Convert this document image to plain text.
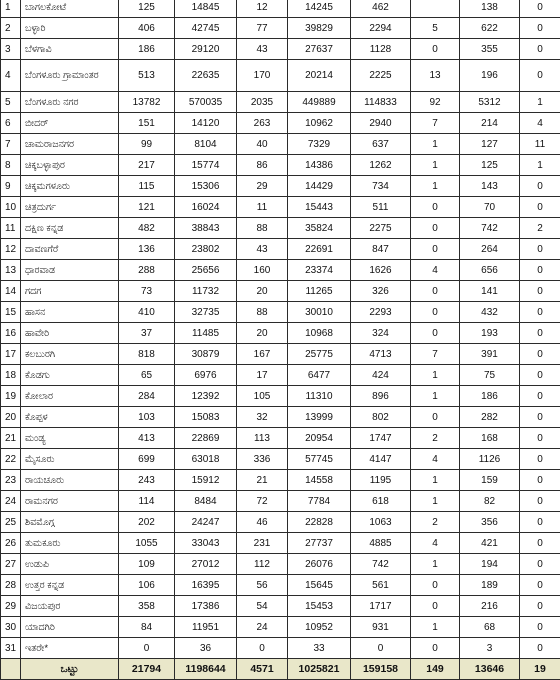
1	ಬಾಗಲಕೋಟೆ	125	14845	12	14245	462		138	0
2	ಬಳ್ಳಾರಿ	406	42745	77	39829	2294	5	622	0
3	ಬೆಳಗಾವಿ	186	29120	43	27637	1128	0	355	0
4	ಬೆಂಗಳೂರು ಗ್ರಾಮಾಂತರ	513	22635	170	20214	2225	13	196	0
5	ಬೆಂಗಳೂರು ನಗರ	13782	570035	2035	449889	114833	92	5312	1
6	ಬೀದರ್	151	14120	263	10962	2940	7	214	4
7	ಚಾಮರಾಜನಗರ	99	8104	40	7329	637	1	127	11
8	ಚಿಕ್ಕಬಳ್ಳಾಪುರ	217	15774	86	14386	1262	1	125	1
9	ಚಿಕ್ಕಮಗಳೂರು	115	15306	29	14429	734	1	143	0
10	ಚಿತ್ರದುರ್ಗ	121	16024	11	15443	511	0	70	0
11	ದಕ್ಷಿಣ ಕನ್ನಡ	482	38843	88	35824	2275	0	742	2
12	ದಾವಣಗೆರೆ	136	23802	43	22691	847	0	264	0
13	ಧಾರವಾಡ	288	25656	160	23374	1626	4	656	0
14	ಗದಗ	73	11732	20	11265	326	0	141	0
15	ಹಾಸನ	410	32735	88	30010	2293	0	432	0
16	ಹಾವೇರಿ	37	11485	20	10968	324	0	193	0
17	ಕಲಬುರಗಿ	818	30879	167	25775	4713	7	391	0
18	ಕೊಡಗು	65	6976	17	6477	424	1	75	0
19	ಕೋಲಾರ	284	12392	105	11310	896	1	186	0
20	ಕೊಪ್ಪಳ	103	15083	32	13999	802	0	282	0
21	ಮಂಡ್ಯ	413	22869	113	20954	1747	2	168	0
22	ಮೈಸೂರು	699	63018	336	57745	4147	4	1126	0
23	ರಾಯಚೂರು	243	15912	21	14558	1195	1	159	0
24	ರಾಮನಗರ	114	8484	72	7784	618	1	82	0
25	ಶಿವಮೊಗ್ಗ	202	24247	46	22828	1063	2	356	0
26	ತುಮಕೂರು	1055	33043	231	27737	4885	4	421	0
27	ಉಡುಪಿ	109	27012	112	26076	742	1	194	0
28	ಉತ್ತರ ಕನ್ನಡ	106	16395	56	15645	561	0	189	0
29	ವಿಜಯಪುರ	358	17386	54	15453	1717	0	216	0
30	ಯಾದಗಿರಿ	84	11951	24	10952	931	1	68	0
31	ಇತರೇ*	0	36	0	33	0	0	3	0
	ಒಟ್ಟು	21794	1198644	4571	1025821	159158	149	13646	19
